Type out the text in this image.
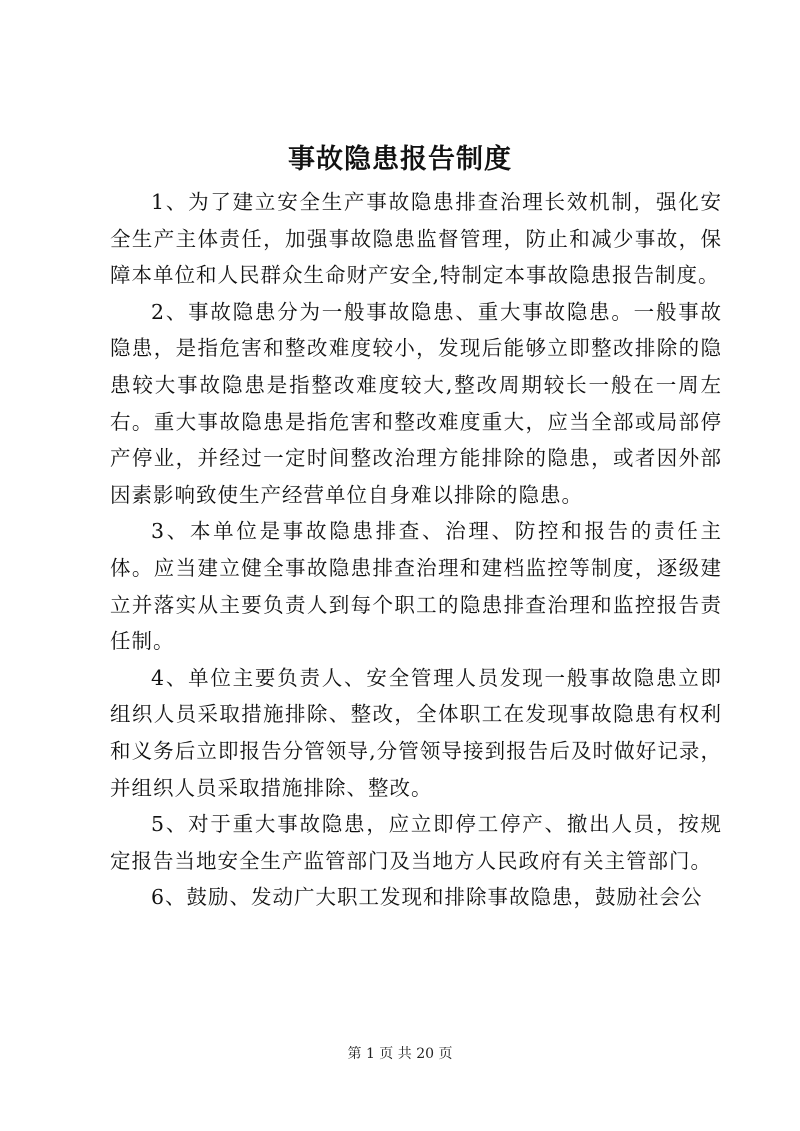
事故隐患报告制度

1、为了建立安全生产事故隐患排查治理长效机制，强化安全生产主体责任，加强事故隐患监督管理，防止和减少事故，保障本单位和人民群众生命财产安全,特制定本事故隐患报告制度。

2、事故隐患分为一般事故隐患、重大事故隐患。一般事故隐患，是指危害和整改难度较小，发现后能够立即整改排除的隐患较大事故隐患是指整改难度较大,整改周期较长一般在一周左右。重大事故隐患是指危害和整改难度重大，应当全部或局部停产停业，并经过一定时间整改治理方能排除的隐患，或者因外部因素影响致使生产经营单位自身难以排除的隐患。

3、本单位是事故隐患排查、治理、防控和报告的责任主体。应当建立健全事故隐患排查治理和建档监控等制度，逐级建立并落实从主要负责人到每个职工的隐患排查治理和监控报告责任制。

4、单位主要负责人、安全管理人员发现一般事故隐患立即组织人员采取措施排除、整改，全体职工在发现事故隐患有权利和义务后立即报告分管领导,分管领导接到报告后及时做好记录，并组织人员采取措施排除、整改。

5、对于重大事故隐患，应立即停工停产、撤出人员，按规定报告当地安全生产监管部门及当地方人民政府有关主管部门。

6、鼓励、发动广大职工发现和排除事故隐患，鼓励社会公

第 1 页 共 20 页
